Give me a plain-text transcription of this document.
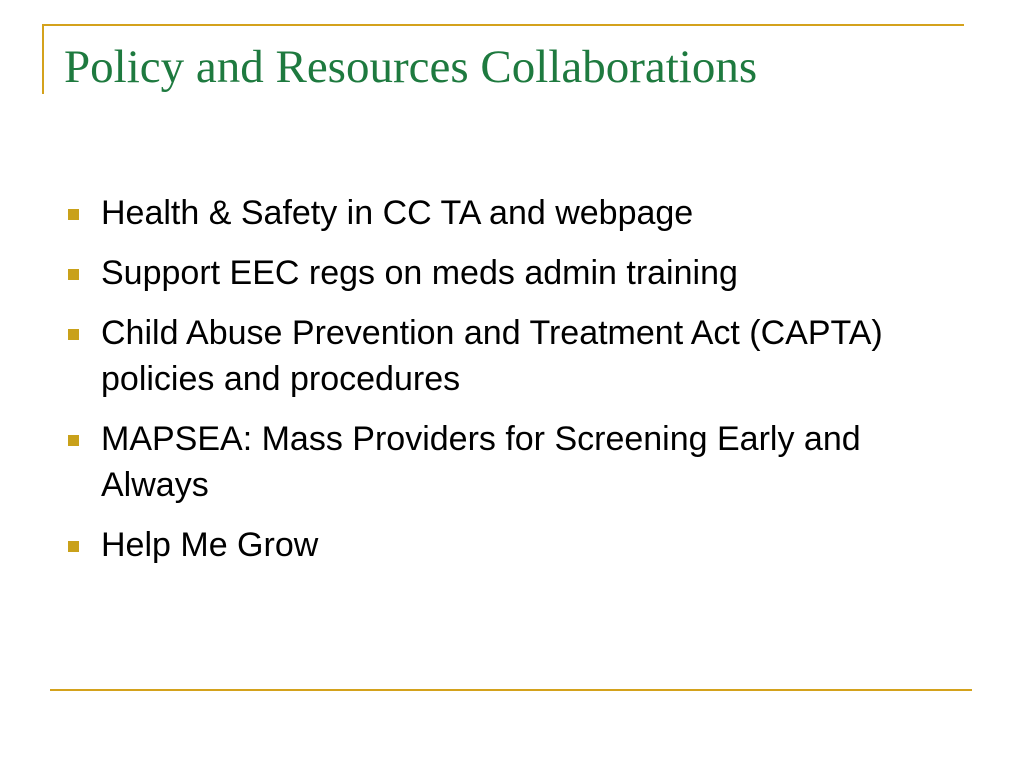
Policy and Resources Collaborations
Health & Safety in CC TA and webpage
Support EEC regs on meds admin training
Child Abuse Prevention and Treatment Act (CAPTA) policies and procedures
MAPSEA: Mass Providers for Screening Early and Always
Help Me Grow
